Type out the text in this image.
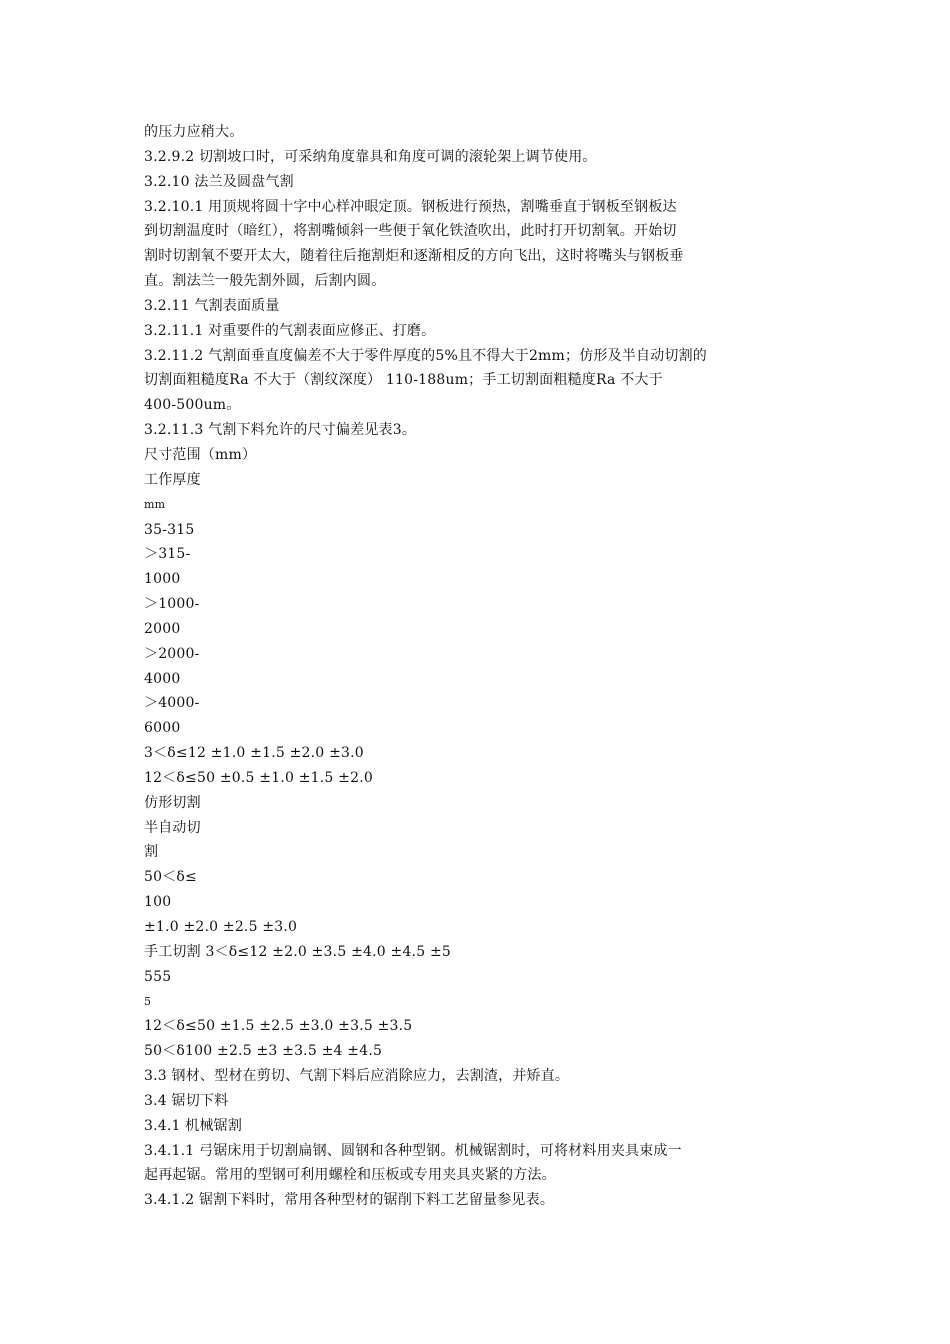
的压力应稍大。
3.2.9.2 切割坡口时，可采纳角度靠具和角度可调的滚轮架上调节使用。
3.2.10 法兰及圆盘气割
3.2.10.1 用顶规将圆十字中心样冲眼定顶。钢板进行预热，割嘴垂直于钢板至钢板达
到切割温度时（暗红），将割嘴倾斜一些便于氧化铁渣吹出，此时打开切割氧。开始切
割时切割氧不要开太大，随着往后拖割炬和逐渐相反的方向飞出，这时将嘴头与钢板垂
直。割法兰一般先割外圆，后割内圆。
3.2.11 气割表面质量
3.2.11.1 对重要件的气割表面应修正、打磨。
3.2.11.2 气割面垂直度偏差不大于零件厚度的5%且不得大于2mm；仿形及半自动切割的
切割面粗糙度Ra 不大于（割纹深度） 110-188um；手工切割面粗糙度Ra 不大于
400-500um。
3.2.11.3 气割下料允许的尺寸偏差见表3。
尺寸范围（mm）
工作厚度
mm
35-315
＞315-
1000
＞1000-
2000
＞2000-
4000
＞4000-
6000
3＜δ≤12 ±1.0 ±1.5 ±2.0 ±3.0
12＜δ≤50 ±0.5 ±1.0 ±1.5 ±2.0
仿形切割
半自动切
割
50＜δ≤
100
±1.0 ±2.0 ±2.5 ±3.0
手工切割 3＜δ≤12 ±2.0 ±3.5 ±4.0 ±4.5 ±5
555
5
12＜δ≤50 ±1.5 ±2.5 ±3.0 ±3.5 ±3.5
50＜δ100 ±2.5 ±3 ±3.5 ±4 ±4.5
3.3 钢材、型材在剪切、气割下料后应消除应力，去割渣，并矫直。
3.4 锯切下料
3.4.1 机械锯割
3.4.1.1 弓锯床用于切割扁钢、圆钢和各种型钢。机械锯割时，可将材料用夹具束成一
起再起锯。常用的型钢可利用螺栓和压板或专用夹具夹紧的方法。
3.4.1.2 锯割下料时，常用各种型材的锯削下料工艺留量参见表。
